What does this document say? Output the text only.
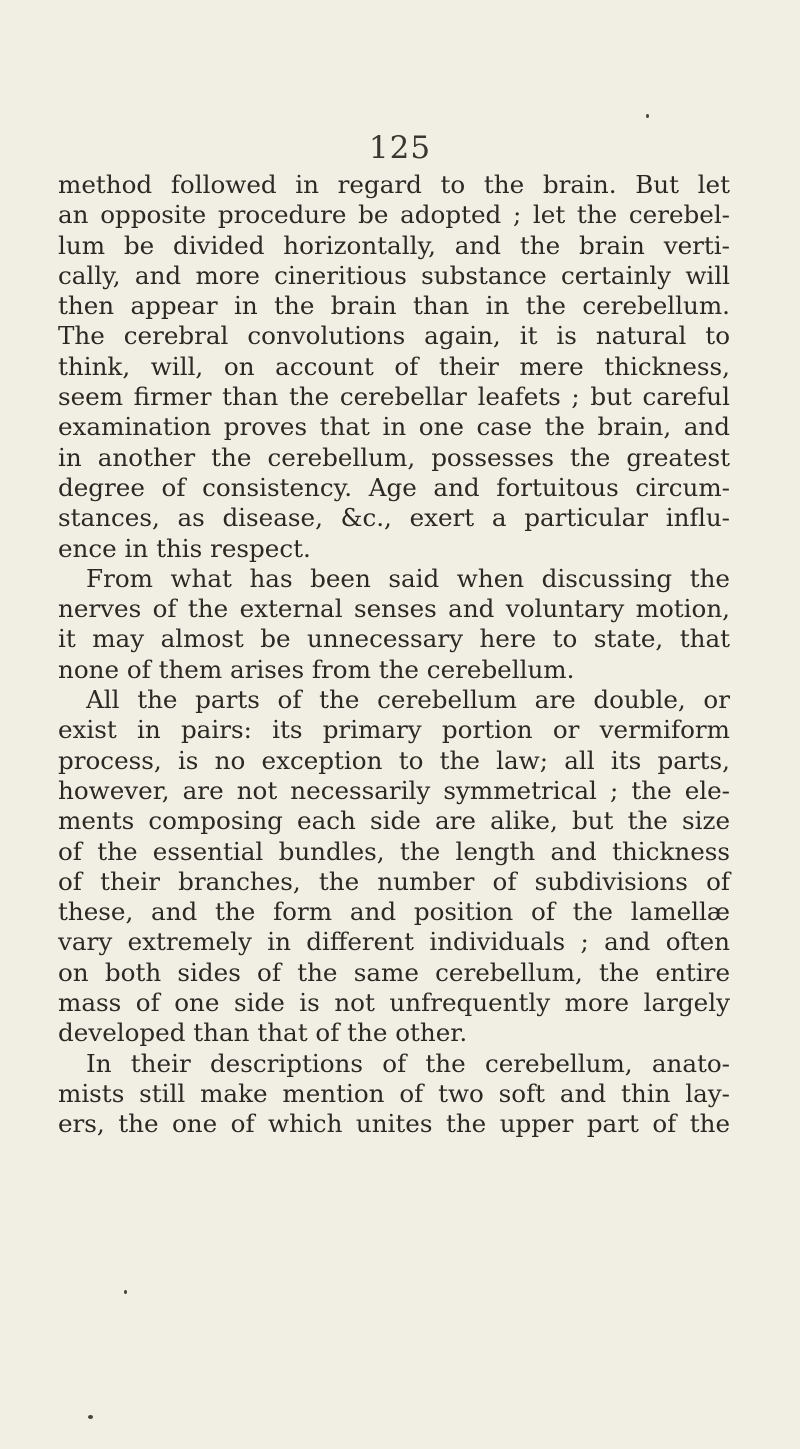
125
method followed in regard to the brain. But let
an opposite procedure be adopted ; let the cerebel-
lum be divided horizontally, and the brain verti-
cally, and more cineritious substance certainly will
then appear in the brain than in the cerebellum.
The cerebral convolutions again, it is natural to
think, will, on account of their mere thickness,
seem firmer than the cerebellar leafets ; but careful
examination proves that in one case the brain, and
in another the cerebellum, possesses the greatest
degree of consistency. Age and fortuitous circum-
stances, as disease, &c., exert a particular influ-
ence in this respect.
From what has been said when discussing the
nerves of the external senses and voluntary motion,
it may almost be unnecessary here to state, that
none of them arises from the cerebellum.
All the parts of the cerebellum are double, or
exist in pairs: its primary portion or vermiform
process, is no exception to the law; all its parts,
however, are not necessarily symmetrical ; the ele-
ments composing each side are alike, but the size
of the essential bundles, the length and thickness
of their branches, the number of subdivisions of
these, and the form and position of the lamellæ
vary extremely in different individuals ; and often
on both sides of the same cerebellum, the entire
mass of one side is not unfrequently more largely
developed than that of the other.
In their descriptions of the cerebellum, anato-
mists still make mention of two soft and thin lay-
ers, the one of which unites the upper part of the
